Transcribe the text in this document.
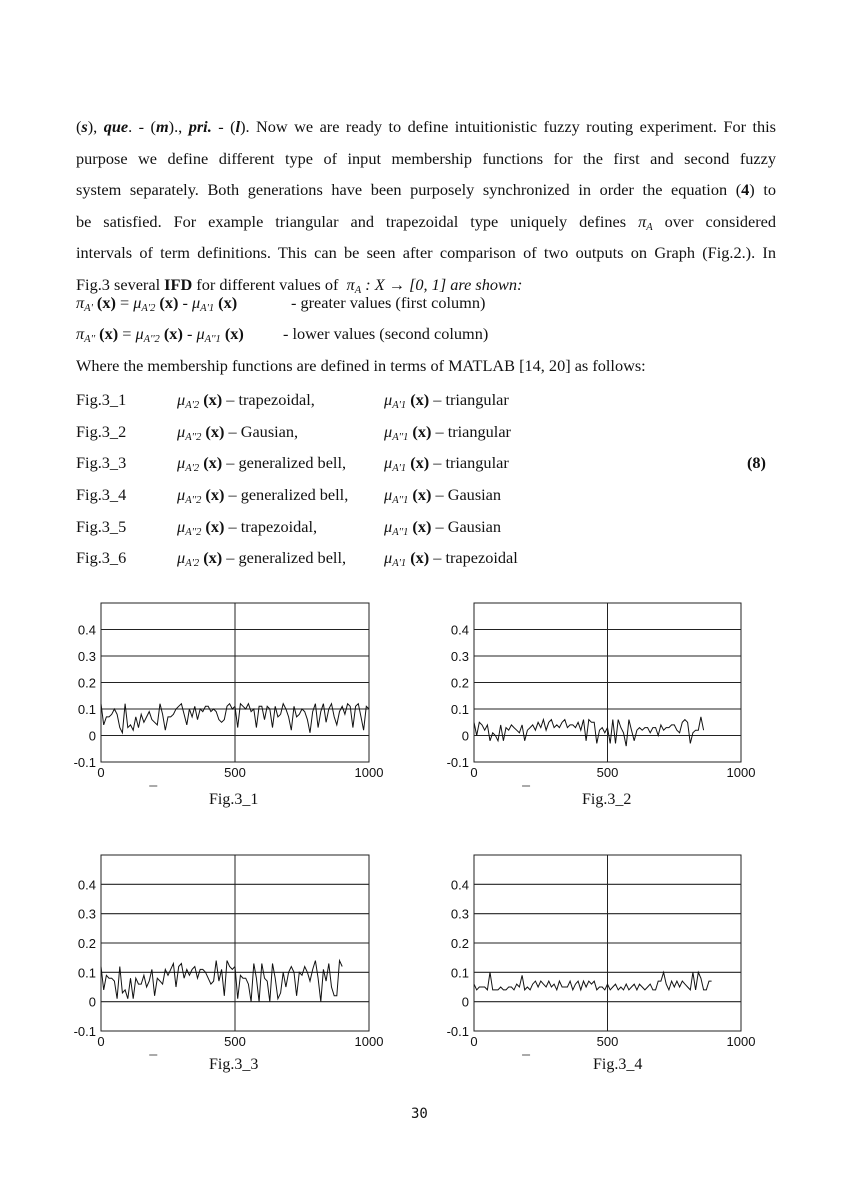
(s), que. - (m)., pri. - (l). Now we are ready to define intuitionistic fuzzy routing experiment. For this
purpose we define different type of input membership functions for the first and second fuzzy
system separately. Both generations have been purposely synchronized in order the equation (4) to
be satisfied. For example triangular and trapezoidal type uniquely defines $\pi_A$ over considered
intervals of term definitions. This can be seen after comparison of two outputs on Graph (Fig.2.). In
Fig.3 several IFD for different values of  $\pi_A$ : X → [0, 1] are shown:
$\pi_{A'}$ $(x) = \mu_{A'2}$ $(x) - \mu_{A'1}$ (x)	- greater values (first column)
$\pi_{A''}$ $(x) = \mu_{A''2}$ $(x) - \mu_{A''1}$ (x) - lower values (second column)
Where the membership functions are defined in terms of MATLAB [14, 20] as follows:
Fig.3_1	$\mu_{A'2}$ (x) – trapezoidal,	$\mu_{A'1}$ (x) – triangular
Fig.3_2	$\mu_{A''2}$ (x) – Gausian,	$\mu_{A''1}$ (x) – triangular
Fig.3_3	$\mu_{A'2}$ (x) – generalized bell, $\mu_{A'1}$ (x) – triangular
Fig.3_4	$\mu_{A''2}$ (x) – generalized bell, $\mu_{A''1}$ (x) – Gausian
Fig.3_5	$\mu_{A''2}$ (x) – trapezoidal,	$\mu_{A''1}$ (x) – Gausian
Fig.3_6	$\mu_{A'2}$ (x) – generalized bell, $\mu_{A'1}$ (x) – trapezoidal
(8)
0.4
0.3
0.2
0.1
0
-0.1
0	500	1000
0.4
0.3
0.2
0.1
0
-0.1
0	500	1000
0.4
0.3
0.2
0.1
0
-0.1
0	500	1000
0.4
0.3
0.2
0.1
0
-0.1
0	500	1000
Fig.3_1	Fig.3_2
Fig.3_3	Fig.3_4
30
